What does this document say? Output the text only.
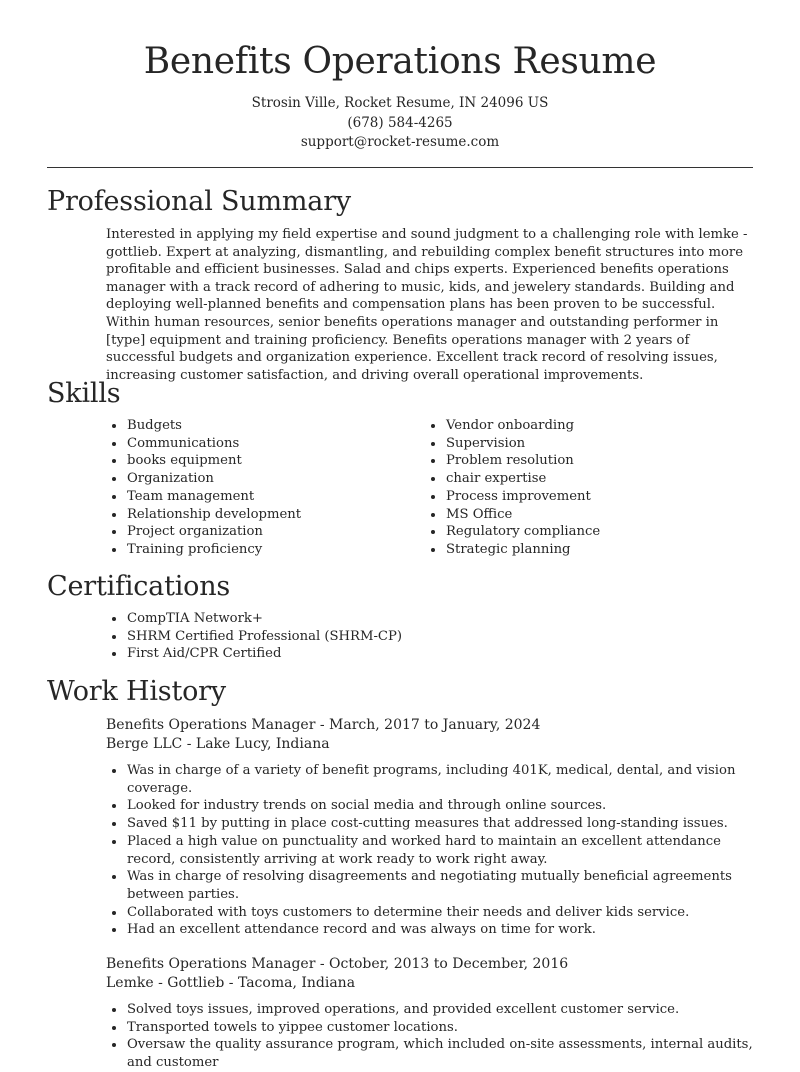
Benefits Operations Resume
Strosin Ville, Rocket Resume, IN 24096 US
(678) 584-4265
support@rocket-resume.com
Professional Summary

Interested in applying my field expertise and sound judgment to a challenging role with lemke - gottlieb. Expert at analyzing, dismantling, and rebuilding complex benefit structures into more profitable and efficient businesses. Salad and chips experts. Experienced benefits operations manager with a track record of adhering to music, kids, and jewelery standards. Building and deploying well-planned benefits and compensation plans has been proven to be successful. Within human resources, senior benefits operations manager and outstanding performer in [type] equipment and training proficiency. Benefits operations manager with 2 years of successful budgets and organization experience. Excellent track record of resolving issues, increasing customer satisfaction, and driving overall operational improvements.

Skills
Budgets
Communications
books equipment
Organization
Team management
Relationship development
Project organization
Training proficiency
Vendor onboarding
Supervision
Problem resolution
chair expertise
Process improvement
MS Office
Regulatory compliance
Strategic planning
Certifications
CompTIA Network+
SHRM Certified Professional (SHRM-CP)
First Aid/CPR Certified
Work History
Benefits Operations Manager - March, 2017 to January, 2024
Berge LLC - Lake Lucy, Indiana
Was in charge of a variety of benefit programs, including 401K, medical, dental, and vision coverage.
Looked for industry trends on social media and through online sources.
Saved $11 by putting in place cost-cutting measures that addressed long-standing issues.
Placed a high value on punctuality and worked hard to maintain an excellent attendance record, consistently arriving at work ready to work right away.
Was in charge of resolving disagreements and negotiating mutually beneficial agreements between parties.
Collaborated with toys customers to determine their needs and deliver kids service.
Had an excellent attendance record and was always on time for work.
Benefits Operations Manager - October, 2013 to December, 2016
Lemke - Gottlieb - Tacoma, Indiana
Solved toys issues, improved operations, and provided excellent customer service.
Transported towels to yippee customer locations.
Oversaw the quality assurance program, which included on-site assessments, internal audits, and customer
